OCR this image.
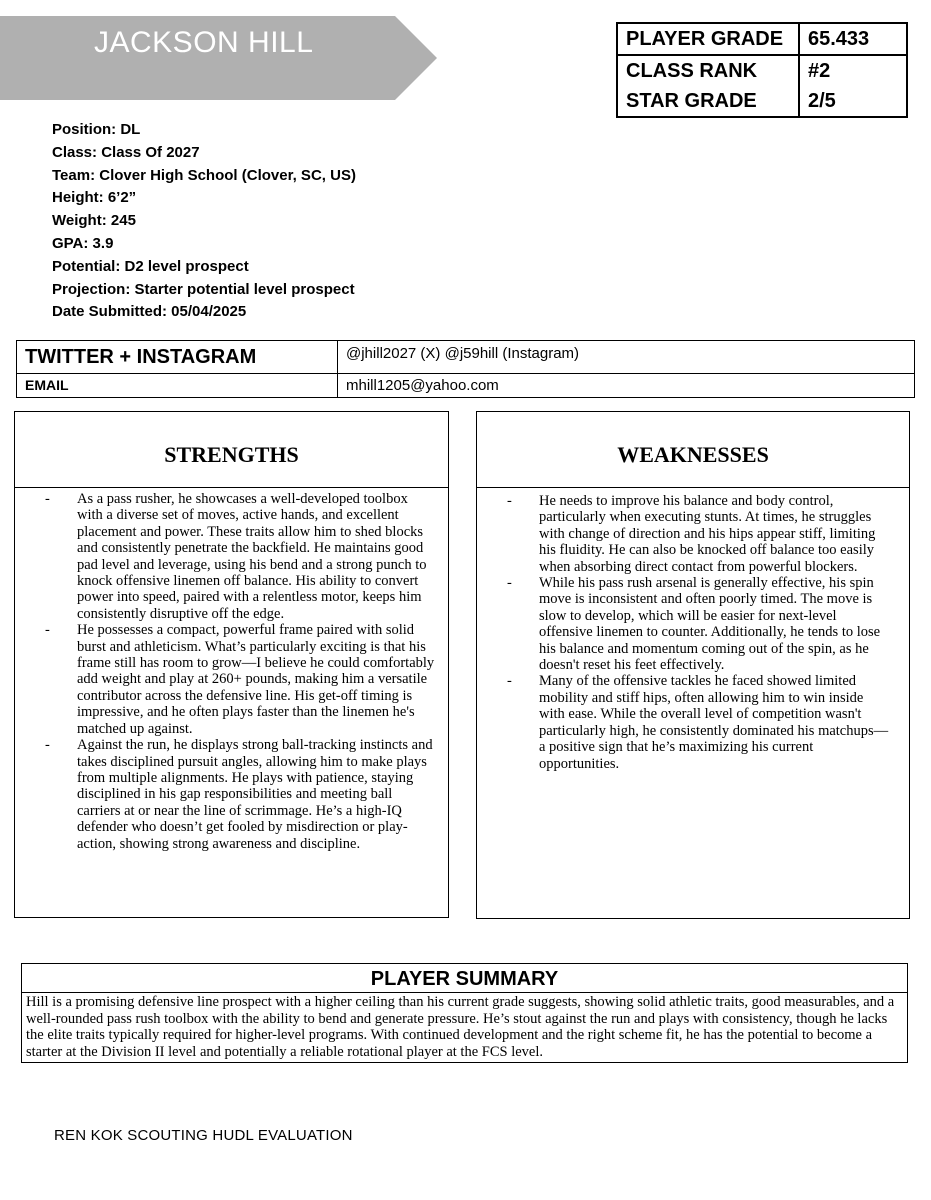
JACKSON HILL	PLAYER GRADE	65.433
CLASS RANK	#2
STAR GRADE	2/5
Position: DL
Class: Class Of 2027
Team: Clover High School (Clover, SC, US)
Height: 6’2”
Weight: 245
GPA: 3.9
Potential: D2 level prospect
Projection: Starter potential level prospect
Date Submitted: 05/04/2025
TWITTER + INSTAGRAM	@jhill2027 (X) @j59hill (Instagram)
EMAIL	mhill1205@yahoo.com
STRENGTHS
- As a pass rusher, he showcases a well-developed toolbox with a diverse set of moves, active hands, and excellent placement and power. These traits allow him to shed blocks and consistently penetrate the backfield. He maintains good pad level and leverage, using his bend and a strong punch to knock offensive linemen off balance. His ability to convert power into speed, paired with a relentless motor, keeps him consistently disruptive off the edge.
- He possesses a compact, powerful frame paired with solid burst and athleticism. What’s particularly exciting is that his frame still has room to grow—I believe he could comfortably add weight and play at 260+ pounds, making him a versatile contributor across the defensive line. His get-off timing is impressive, and he often plays faster than the linemen he's matched up against.
- Against the run, he displays strong ball-tracking instincts and takes disciplined pursuit angles, allowing him to make plays from multiple alignments. He plays with patience, staying disciplined in his gap responsibilities and meeting ball carriers at or near the line of scrimmage. He’s a high-IQ defender who doesn’t get fooled by misdirection or play-action, showing strong awareness and discipline.
WEAKNESSES
- He needs to improve his balance and body control, particularly when executing stunts. At times, he struggles with change of direction and his hips appear stiff, limiting his fluidity. He can also be knocked off balance too easily when absorbing direct contact from powerful blockers.
- While his pass rush arsenal is generally effective, his spin move is inconsistent and often poorly timed. The move is slow to develop, which will be easier for next-level offensive linemen to counter. Additionally, he tends to lose his balance and momentum coming out of the spin, as he doesn't reset his feet effectively.
- Many of the offensive tackles he faced showed limited mobility and stiff hips, often allowing him to win inside with ease. While the overall level of competition wasn't particularly high, he consistently dominated his matchups—a positive sign that he’s maximizing his current opportunities.
PLAYER SUMMARY
Hill is a promising defensive line prospect with a higher ceiling than his current grade suggests, showing solid athletic traits, good measurables, and a well-rounded pass rush toolbox with the ability to bend and generate pressure. He’s stout against the run and plays with consistency, though he lacks the elite traits typically required for higher-level programs. With continued development and the right scheme fit, he has the potential to become a starter at the Division II level and potentially a reliable rotational player at the FCS level.
REN KOK SCOUTING HUDL EVALUATION
